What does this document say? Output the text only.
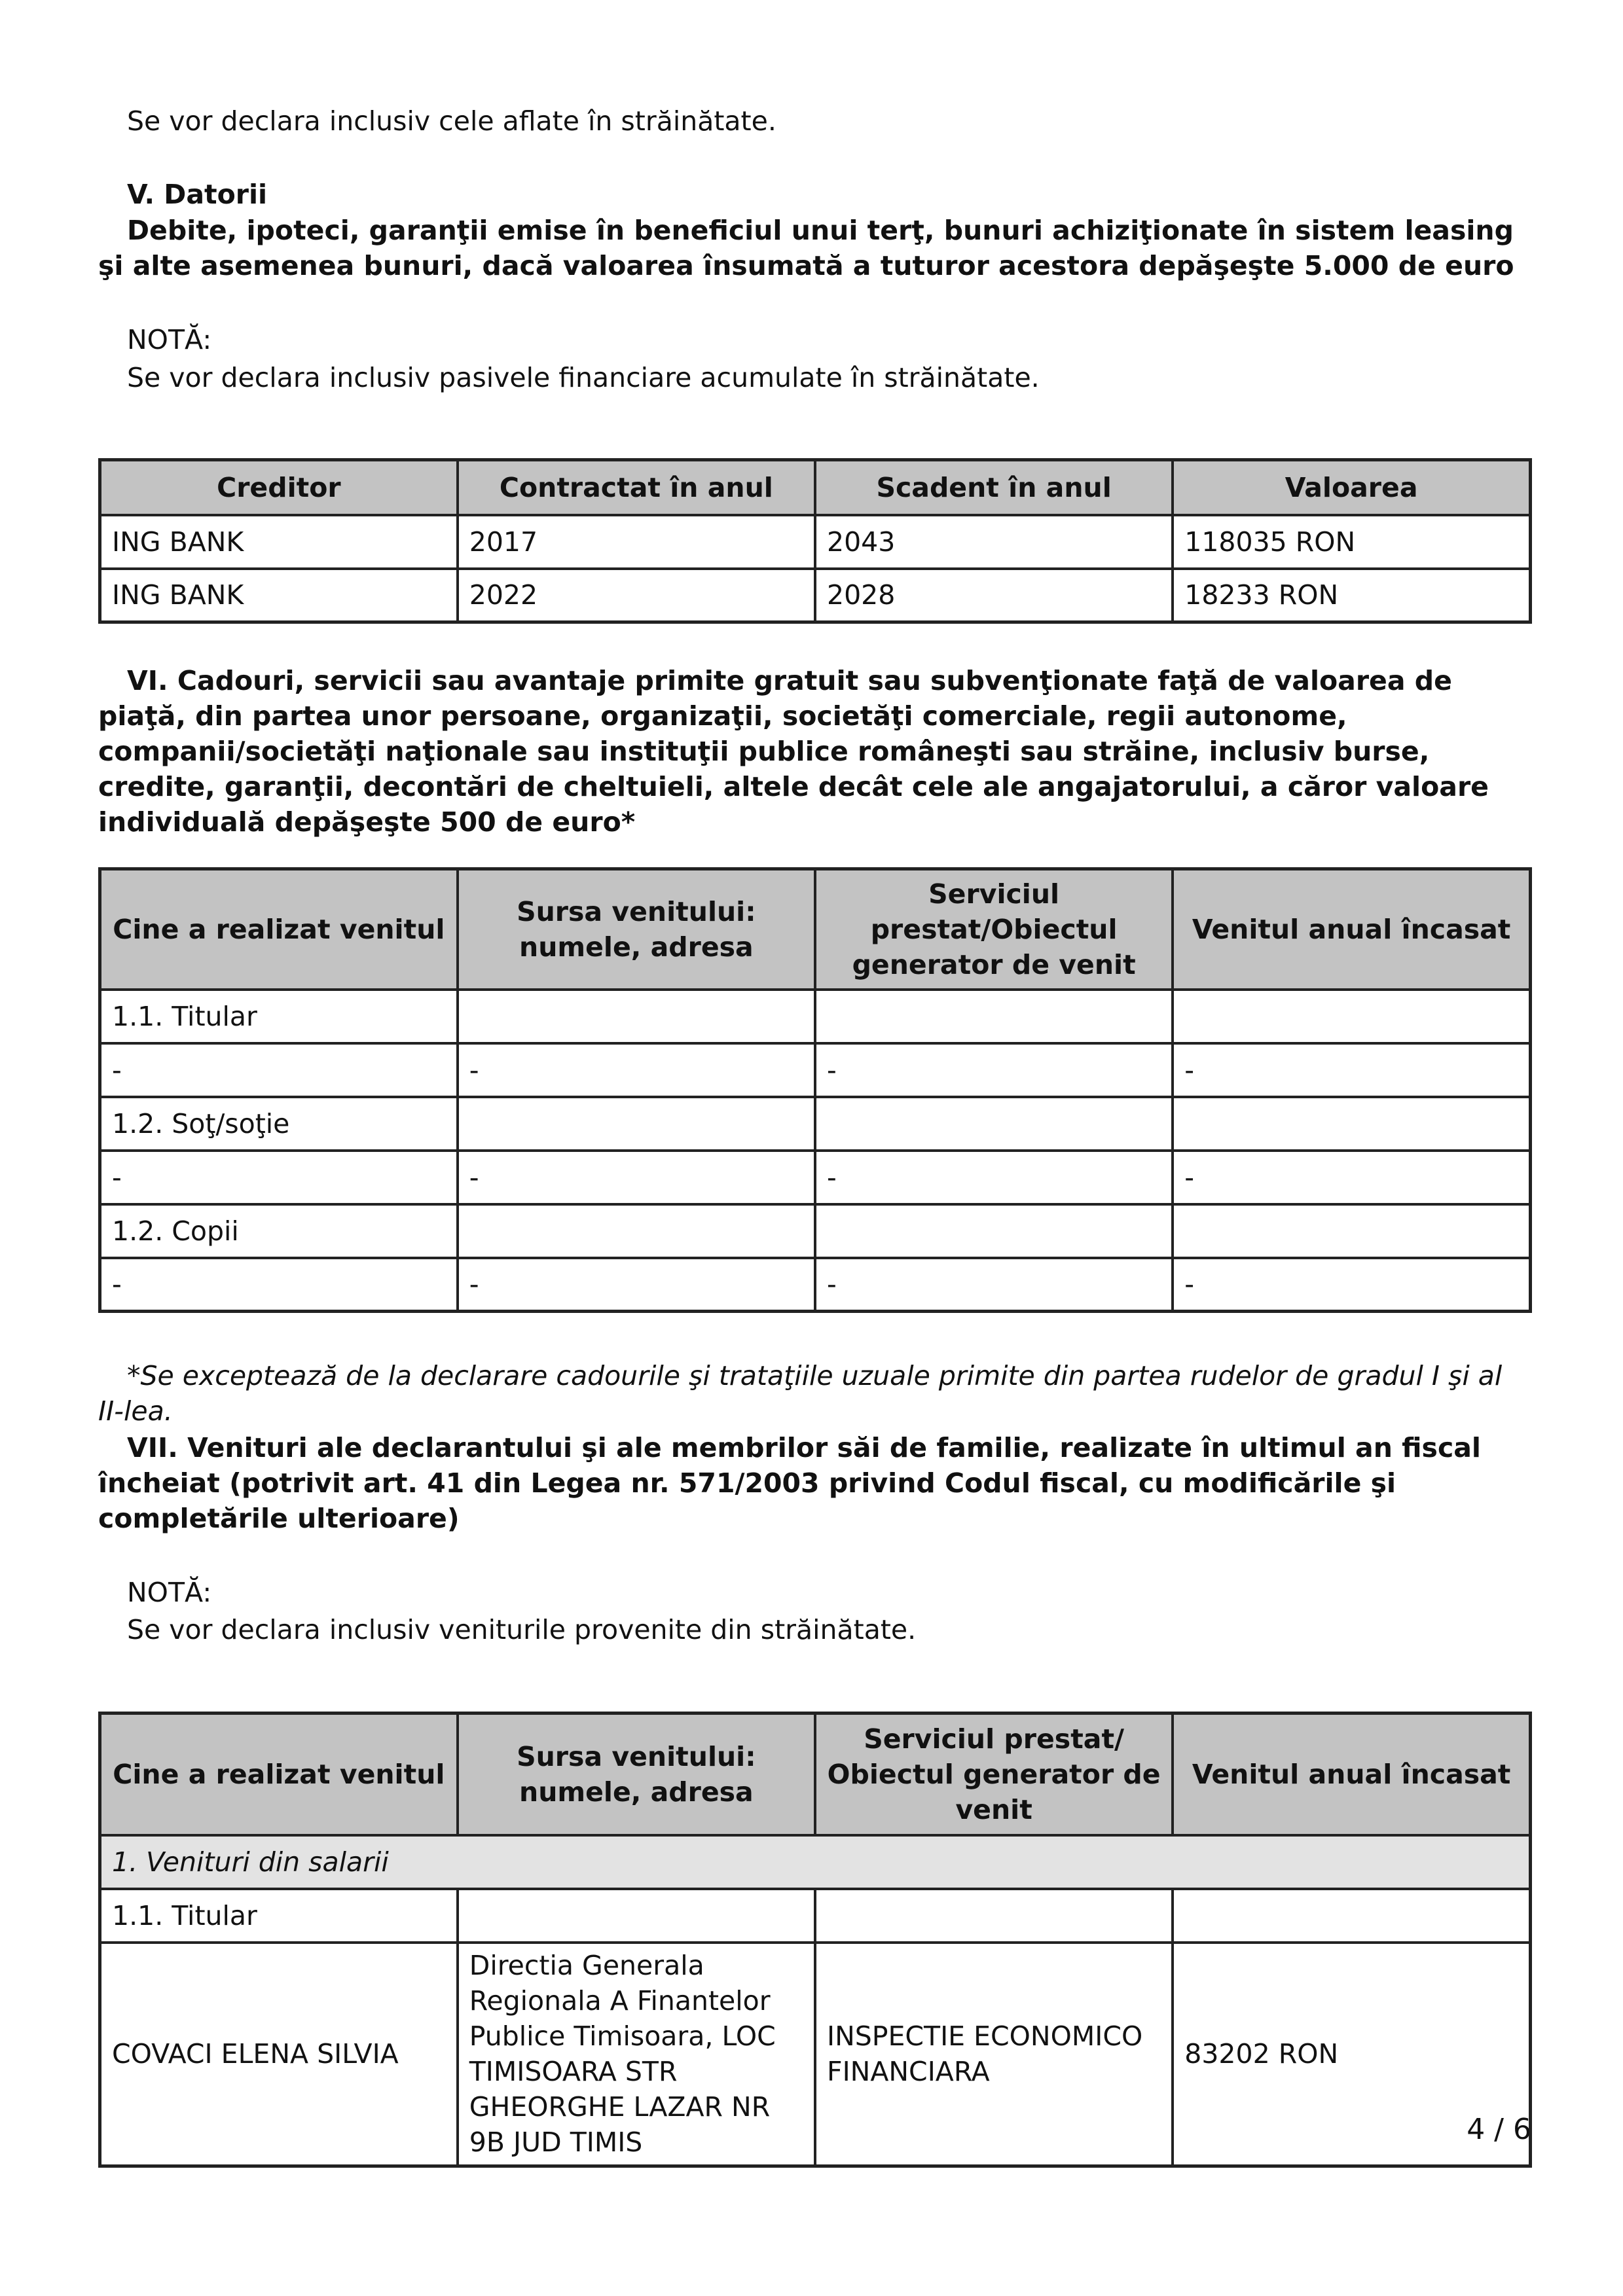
Se vor declara inclusiv cele aflate în străinătate.

V. Datorii

Debite, ipoteci, garanţii emise în beneficiul unui terţ, bunuri achiziţionate în sistem leasing şi alte asemenea bunuri, dacă valoarea însumată a tuturor acestora depăşeşte 5.000 de euro

NOTĂ:

Se vor declara inclusiv pasivele financiare acumulate în străinătate.

Creditor	Contractat în anul	Scadent în anul	Valoarea
ING BANK	2017	2043	118035 RON
ING BANK	2022	2028	18233 RON

VI. Cadouri, servicii sau avantaje primite gratuit sau subvenţionate faţă de valoarea de piaţă, din partea unor persoane, organizaţii, societăţi comerciale, regii autonome, companii/societăţi naţionale sau instituţii publice româneşti sau străine, inclusiv burse, credite, garanţii, decontări de cheltuieli, altele decât cele ale angajatorului, a căror valoare individuală depăşeşte 500 de euro*

Cine a realizat venitul	Sursa venitului: numele, adresa	Serviciul prestat/Obiectul generator de venit	Venitul anual încasat
1.1. Titular			
-	-	-	-
1.2. Soţ/soţie			
-	-	-	-
1.2. Copii			
-	-	-	-

*Se exceptează de la declarare cadourile şi trataţiile uzuale primite din partea rudelor de gradul I şi al II-lea.

VII. Venituri ale declarantului şi ale membrilor săi de familie, realizate în ultimul an fiscal încheiat (potrivit art. 41 din Legea nr. 571/2003 privind Codul fiscal, cu modificările şi completările ulterioare)

NOTĂ:

Se vor declara inclusiv veniturile provenite din străinătate.

Cine a realizat venitul	Sursa venitului: numele, adresa	Serviciul prestat/ Obiectul generator de venit	Venitul anual încasat
1. Venituri din salarii			
1.1. Titular			
COVACI ELENA SILVIA	Directia Generala Regionala A Finantelor Publice Timisoara, LOC TIMISOARA STR GHEORGHE LAZAR NR 9B JUD TIMIS	INSPECTIE ECONOMICO FINANCIARA	83202 RON
4 / 6
